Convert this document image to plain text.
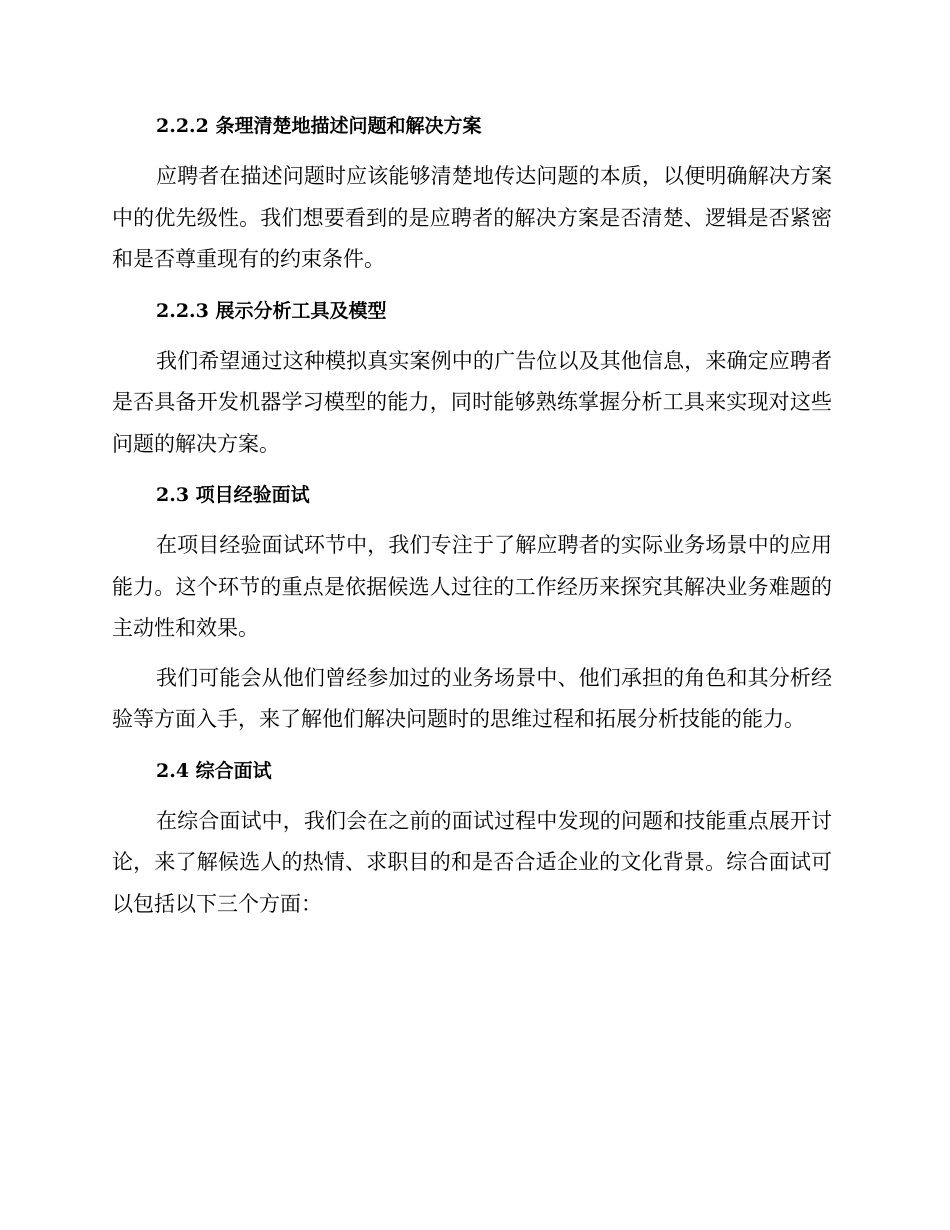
2.2.2 条理清楚地描述问题和解决方案

应聘者在描述问题时应该能够清楚地传达问题的本质，以便明确解决方案中的优先级性。我们想要看到的是应聘者的解决方案是否清楚、逻辑是否紧密和是否尊重现有的约束条件。

2.2.3 展示分析工具及模型

我们希望通过这种模拟真实案例中的广告位以及其他信息，来确定应聘者是否具备开发机器学习模型的能力，同时能够熟练掌握分析工具来实现对这些问题的解决方案。

2.3 项目经验面试

在项目经验面试环节中，我们专注于了解应聘者的实际业务场景中的应用能力。这个环节的重点是依据候选人过往的工作经历来探究其解决业务难题的主动性和效果。

我们可能会从他们曾经参加过的业务场景中、他们承担的角色和其分析经验等方面入手，来了解他们解决问题时的思维过程和拓展分析技能的能力。

2.4 综合面试

在综合面试中，我们会在之前的面试过程中发现的问题和技能重点展开讨论，来了解候选人的热情、求职目的和是否合适企业的文化背景。综合面试可以包括以下三个方面：
